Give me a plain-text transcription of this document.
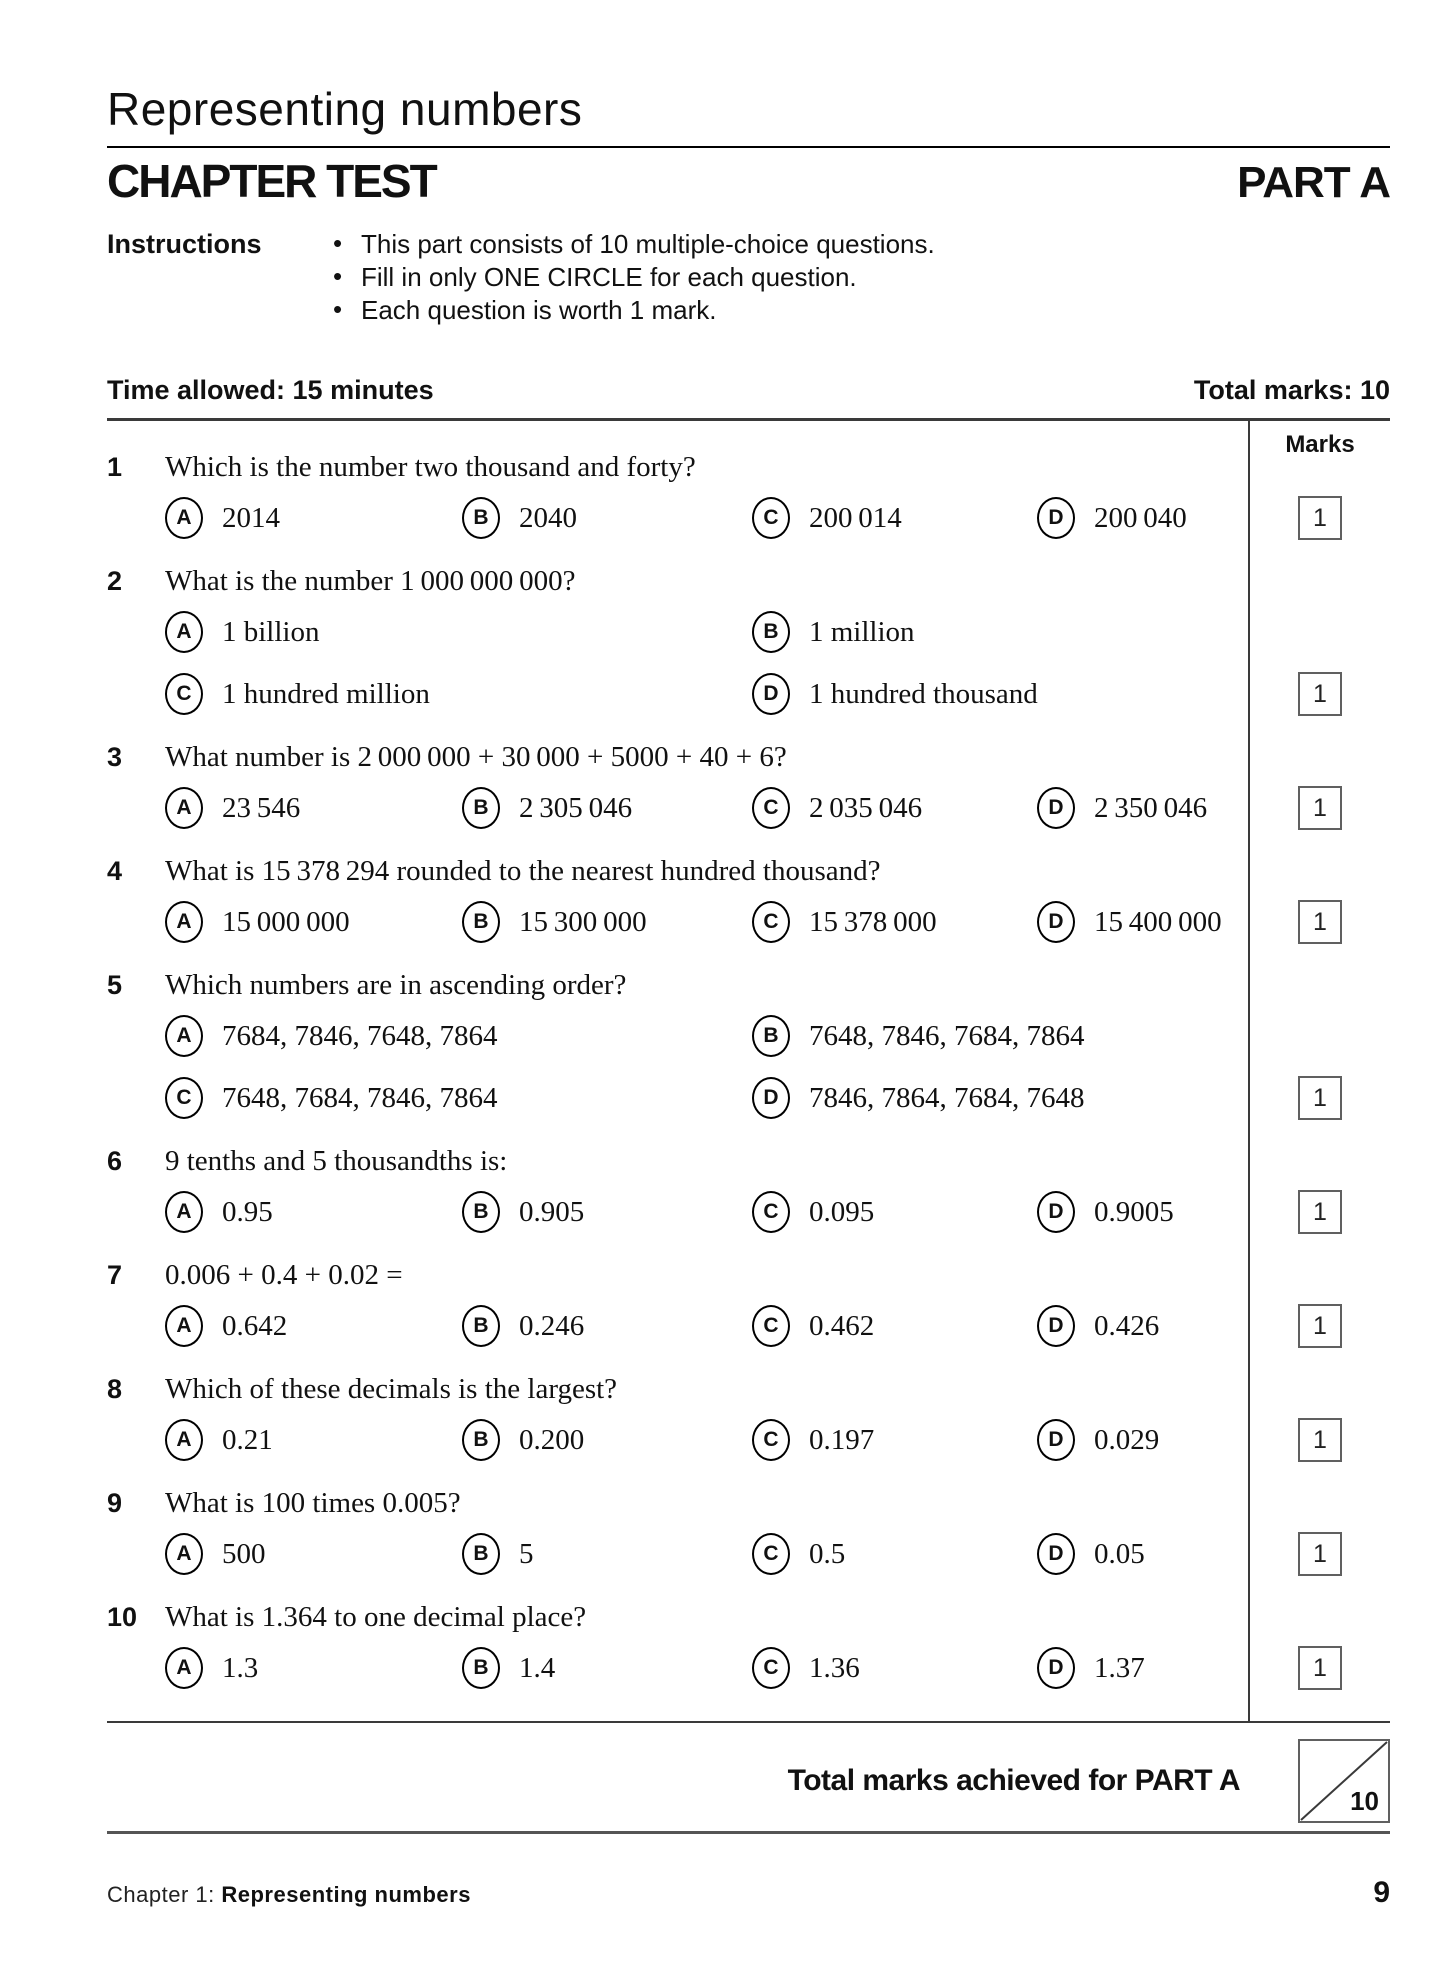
Representing numbers
CHAPTER TEST	PART A
Instructions	• This part consists of 10 multiple-choice questions.
• Fill in only ONE CIRCLE for each question.
• Each question is worth 1 mark.
Time allowed: 15 minutes	Total marks: 10
Marks
1	Which is the number two thousand and forty?
A	2014	B	2040	C	200 014	D	200 040	1
2	What is the number 1 000 000 000?
A	1 billion	B	1 million
C	1 hundred million	D	1 hundred thousand	1
3	What number is 2 000 000 + 30 000 + 5000 + 40 + 6?
A	23 546	B	2 305 046	C	2 035 046	D	2 350 046	1
4	What is 15 378 294 rounded to the nearest hundred thousand?
A	15 000 000	B	15 300 000	C	15 378 000	D	15 400 000	1
5	Which numbers are in ascending order?
A	7684, 7846, 7648, 7864	B	7648, 7846, 7684, 7864
C	7648, 7684, 7846, 7864	D	7846, 7864, 7684, 7648	1
6	9 tenths and 5 thousandths is:
A	0.95	B	0.905	C	0.095	D	0.9005	1
7	0.006 + 0.4 + 0.02 =
A	0.642	B	0.246	C	0.462	D	0.426	1
8	Which of these decimals is the largest?
A	0.21	B	0.200	C	0.197	D	0.029	1
9	What is 100 times 0.005?
A	500	B	5	C	0.5	D	0.05	1
10 What is 1.364 to one decimal place?
A	1.3	B	1.4	C	1.36	D	1.37	1
Total marks achieved for PART A
10
Chapter 1: Representing numbers	9
